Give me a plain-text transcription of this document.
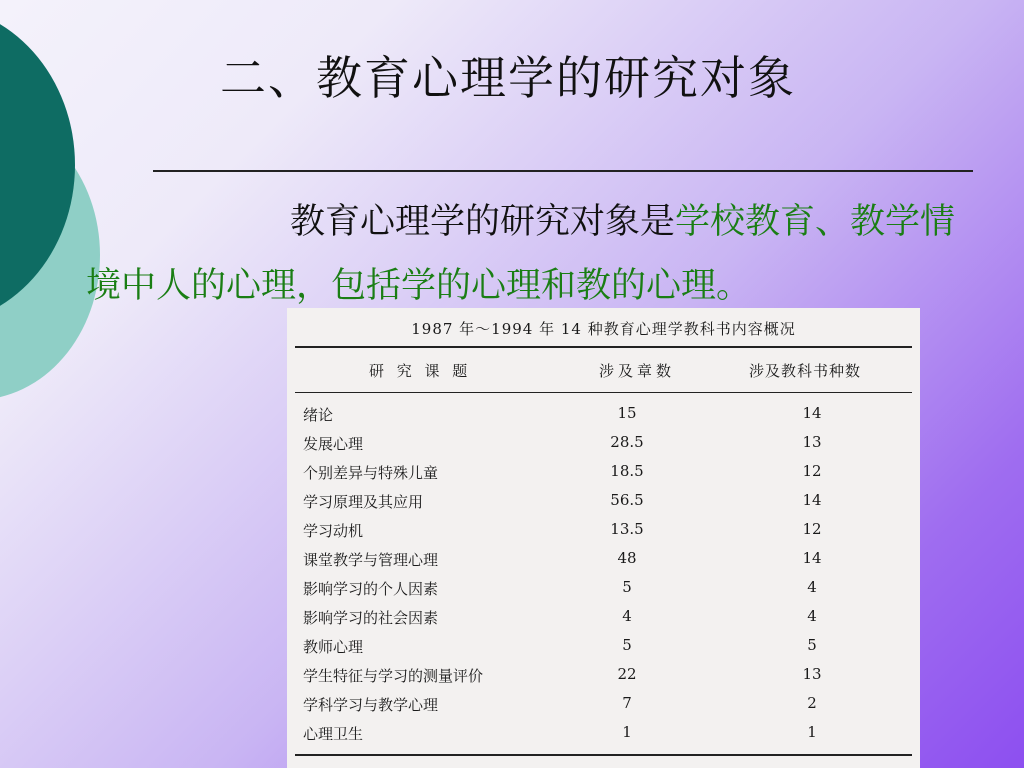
二、教育心理学的研究对象
教育心理学的研究对象是学校教育、教学情境中人的心理，包括学的心理和教的心理。
1987 年～1994 年 14 种教育心理学教科书内容概况
研 究 课 题	涉及章数	涉及教科书种数
绪论	15	14
发展心理	28.5	13
个别差异与特殊儿童	18.5	12
学习原理及其应用	56.5	14
学习动机	13.5	12
课堂教学与管理心理	48	14
影响学习的个人因素	5	4
影响学习的社会因素	4	4
教师心理	5	5
学生特征与学习的测量评价	22	13
学科学习与教学心理	7	2
心理卫生	1	1
